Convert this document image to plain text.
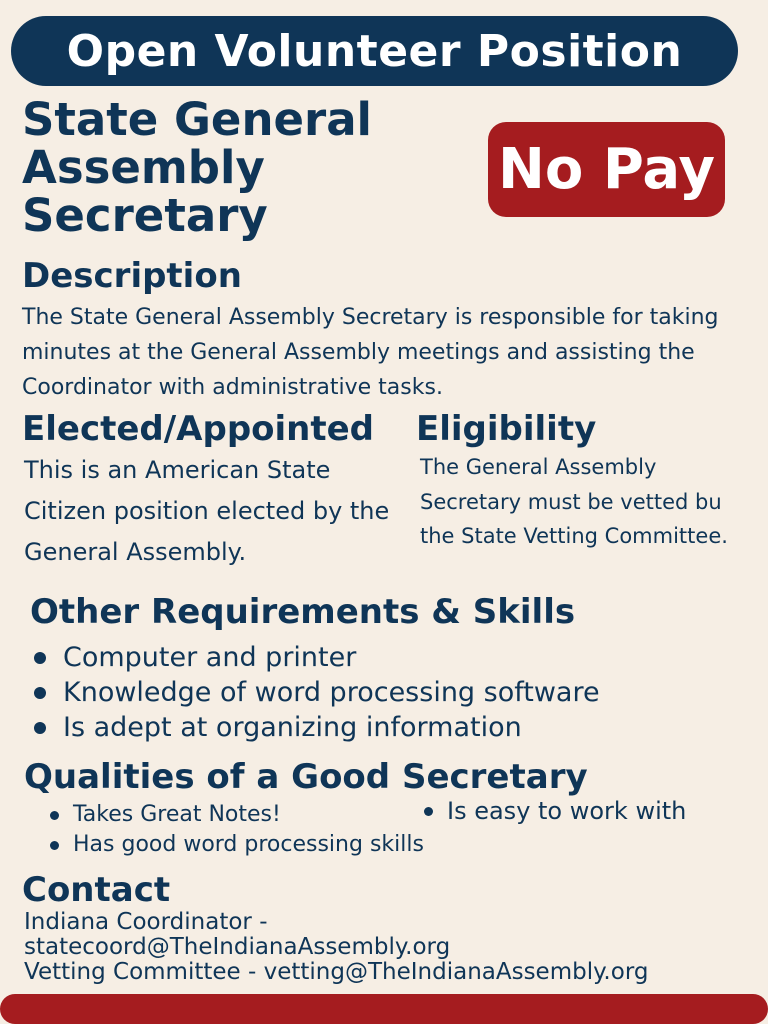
Open Volunteer Position
State General
Assembly
Secretary
No Pay
Description
The State General Assembly Secretary is responsible for taking minutes at the General Assembly meetings and assisting the Coordinator with administrative tasks.
Elected/Appointed
This is an American State Citizen position elected by the General Assembly.
Eligibility
The General Assembly Secretary must be vetted bu the State Vetting Committee.
Other Requirements & Skills
Computer and printer
Knowledge of word processing software
Is adept at organizing information
Qualities of a Good Secretary
Takes Great Notes!
Has good word processing skills
Is easy to work with
Contact
Indiana Coordinator -
statecoord@TheIndianaAssembly.org
Vetting Committee - vetting@TheIndianaAssembly.org
